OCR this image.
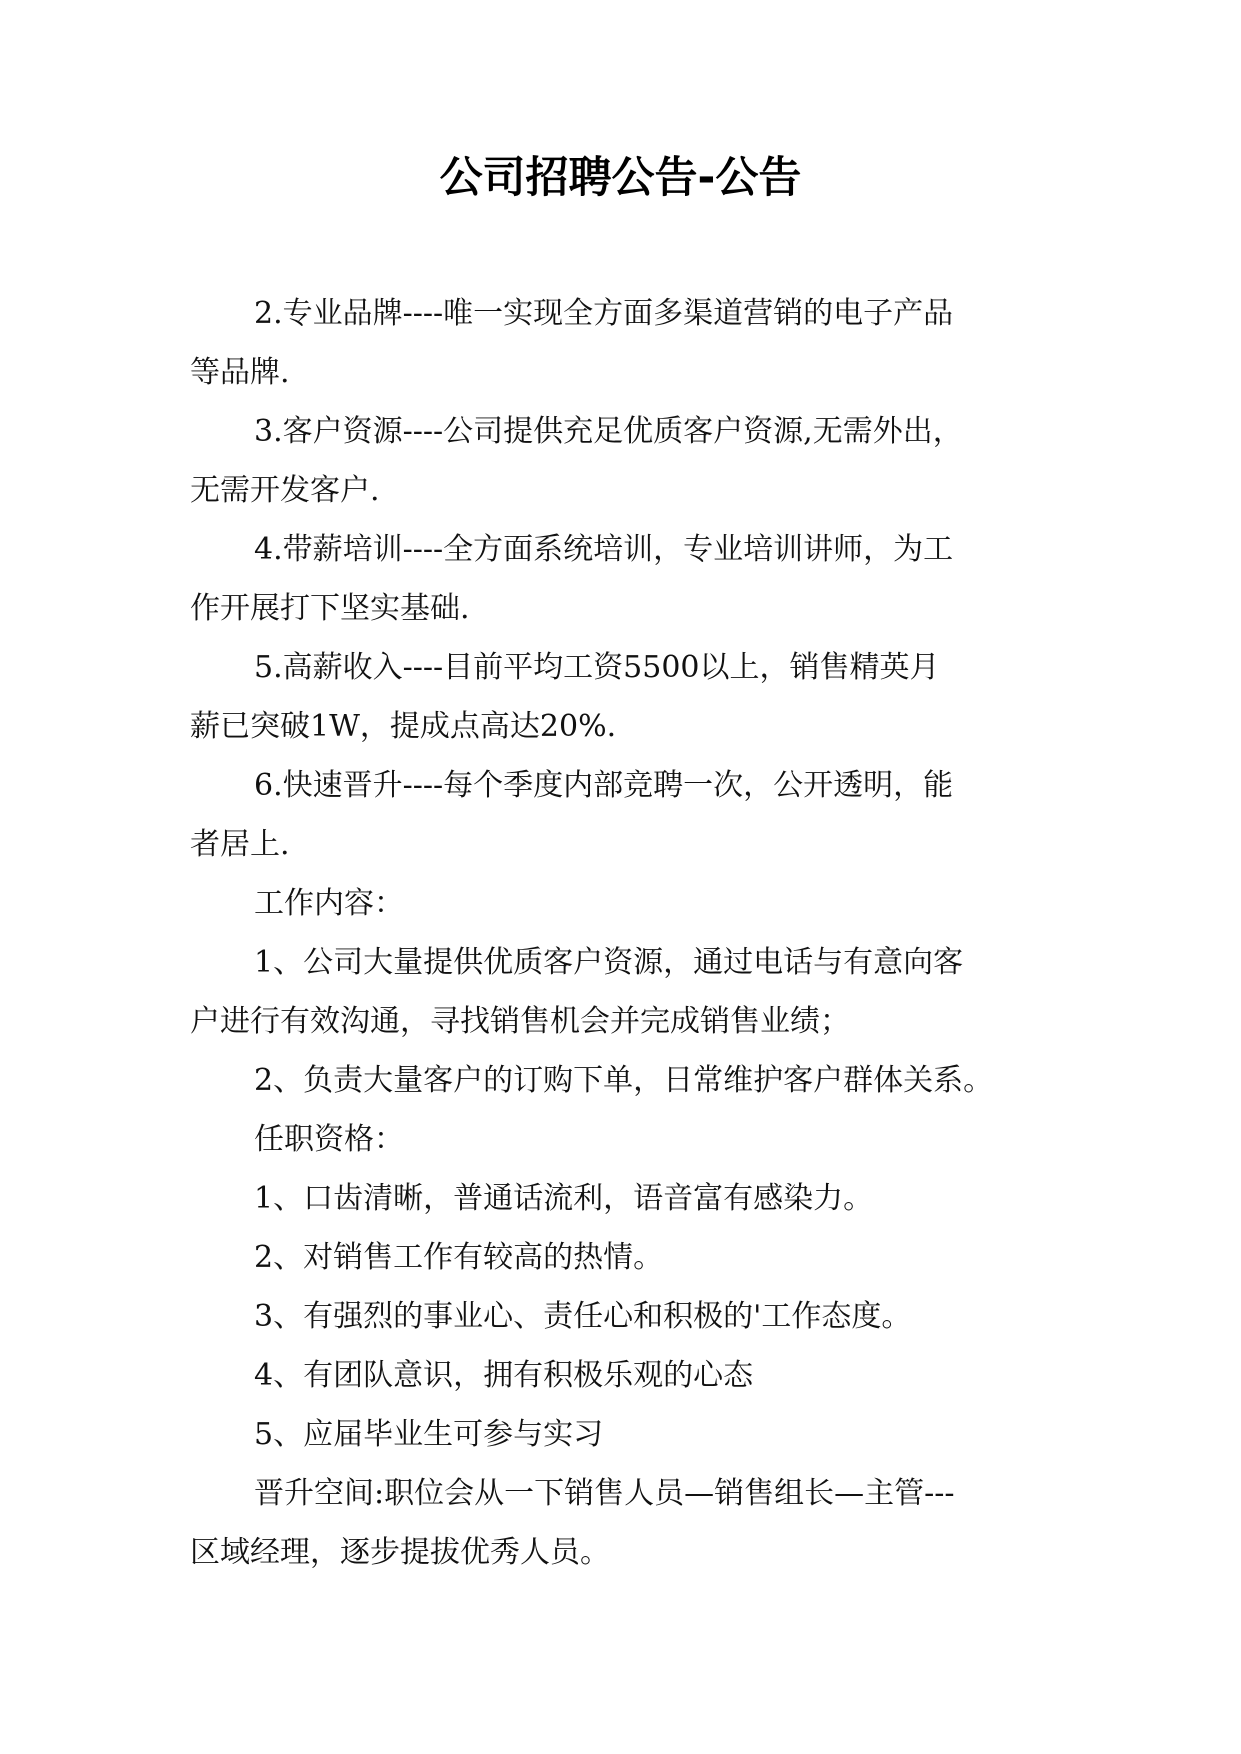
公司招聘公告-公告

2.专业品牌----唯一实现全方面多渠道营销的电子产品

等品牌.

3.客户资源----公司提供充足优质客户资源,无需外出，

无需开发客户.

4.带薪培训----全方面系统培训，专业培训讲师，为工

作开展打下坚实基础.

5.高薪收入----目前平均工资5500以上，销售精英月

薪已突破1W，提成点高达20%.

6.快速晋升----每个季度内部竞聘一次，公开透明，能

者居上.

工作内容：

1、公司大量提供优质客户资源，通过电话与有意向客

户进行有效沟通，寻找销售机会并完成销售业绩；

2、负责大量客户的订购下单，日常维护客户群体关系。

任职资格：

1、口齿清晰，普通话流利，语音富有感染力。

2、对销售工作有较高的热情。

3、有强烈的事业心、责任心和积极的'工作态度。

4、有团队意识，拥有积极乐观的心态

5、应届毕业生可参与实习

晋升空间:职位会从一下销售人员—销售组长—主管---

区域经理，逐步提拔优秀人员。
